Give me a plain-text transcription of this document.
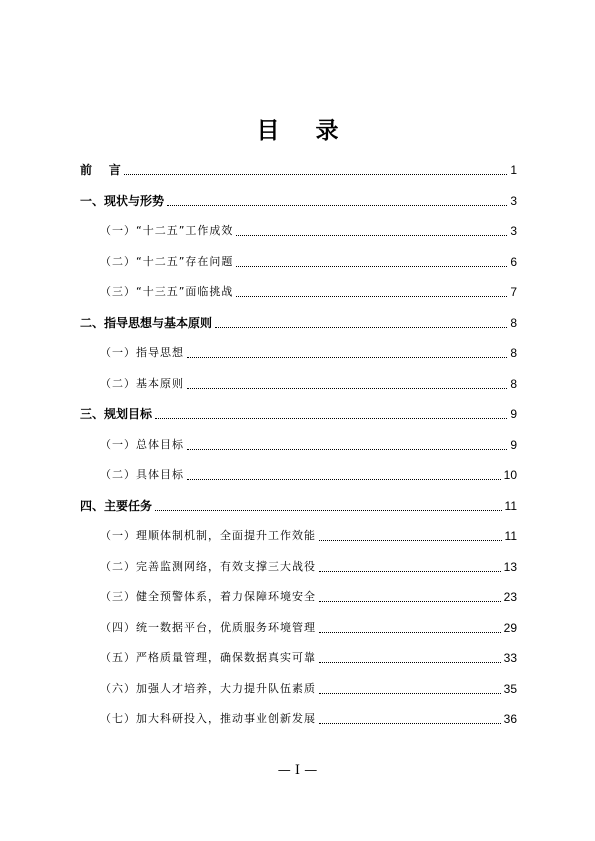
目 录
前    言	1
一、现状与形势	3
（一）“十二五”工作成效	3
（二）“十二五”存在问题	6
（三）“十三五”面临挑战	7
二、指导思想与基本原则	8
（一）指导思想	8
（二）基本原则	8
三、规划目标	9
（一）总体目标	9
（二）具体目标	10
四、主要任务	11
（一）理顺体制机制，全面提升工作效能	11
（二）完善监测网络，有效支撑三大战役	13
（三）健全预警体系，着力保障环境安全	23
（四）统一数据平台，优质服务环境管理	29
（五）严格质量管理，确保数据真实可靠	33
（六）加强人才培养，大力提升队伍素质	35
（七）加大科研投入，推动事业创新发展	36
— I —
